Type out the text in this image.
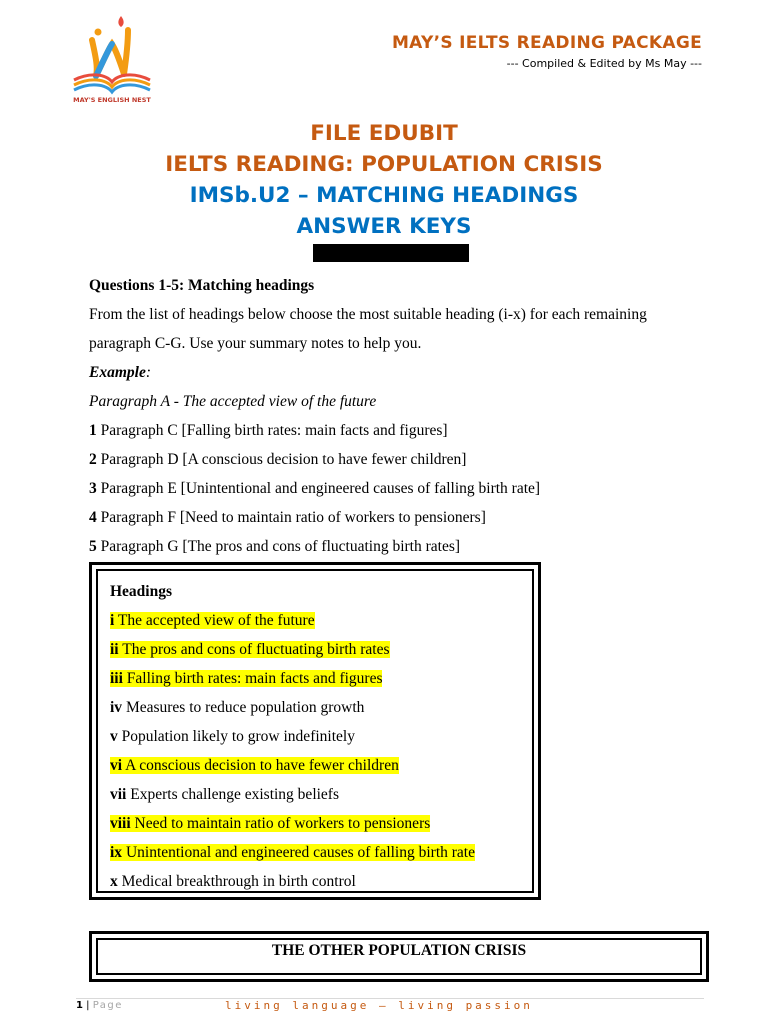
MAY'S ENGLISH NEST
MAY’S IELTS READING PACKAGE
--- Compiled & Edited by Ms May ---
FILE EDUBIT
IELTS READING: POPULATION CRISIS
IMSb.U2 – MATCHING HEADINGS
ANSWER KEYS

Questions 1-5: Matching headings

From the list of headings below choose the most suitable heading (i-x) for each remaining paragraph C-G. Use your summary notes to help you.

Example:

Paragraph A - The accepted view of the future

1 Paragraph C [Falling birth rates: main facts and figures]
2 Paragraph D [A conscious decision to have fewer children]
3 Paragraph E [Unintentional and engineered causes of falling birth rate]
4 Paragraph F [Need to maintain ratio of workers to pensioners]
5 Paragraph G [The pros and cons of fluctuating birth rates]
Headings
i The accepted view of the future
ii The pros and cons of fluctuating birth rates
iii Falling birth rates: main facts and figures
iv Measures to reduce population growth
v Population likely to grow indefinitely
vi A conscious decision to have fewer children
vii Experts challenge existing beliefs
viii Need to maintain ratio of workers to pensioners
ix Unintentional and engineered causes of falling birth rate
x Medical breakthrough in birth control
THE OTHER POPULATION CRISIS
1 | Page	living language – living passion
